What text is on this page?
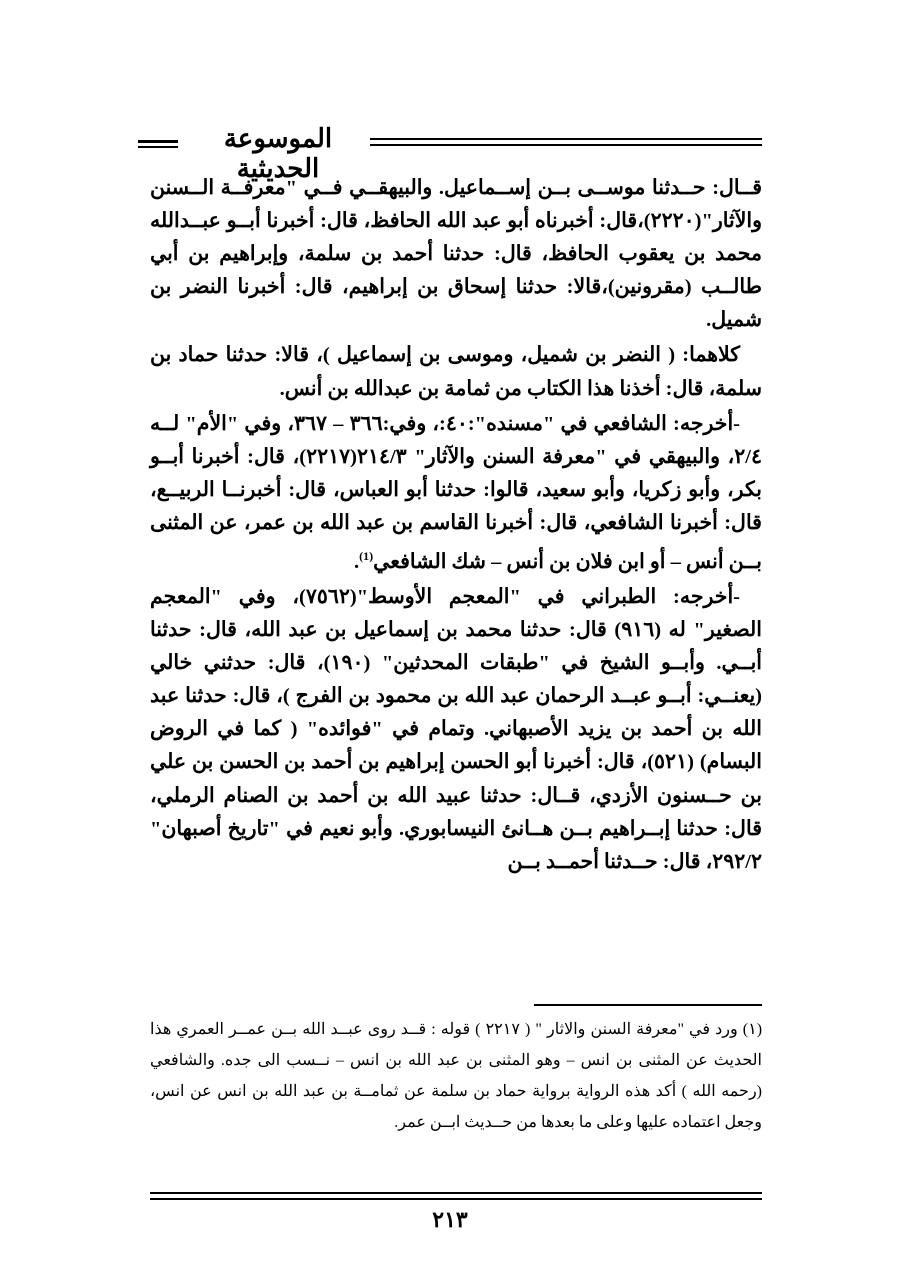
الموسوعة الحديثية

قــال: حــدثنا موســى بــن إســماعيل. والبيهقــي فــي "معرفــة الــسنن والآثار"(٢٢٢٠)،قال: أخبرناه أبو عبد الله الحافظ، قال: أخبرنا أبــو عبــدالله محمد بن يعقوب الحافظ، قال: حدثنا أحمد بن سلمة، وإبراهيم بن أبي طالــب (مقرونين)،قالا: حدثنا إسحاق بن إبراهيم، قال: أخبرنا النضر بن شميل.

كلاهما: ( النضر بن شميل، وموسى بن إسماعيل )، قالا: حدثنا حماد بن سلمة، قال: أخذنا هذا الكتاب من ثمامة بن عبدالله بن أنس.

-أخرجه: الشافعي في "مسنده":٤٠:، وفي:٣٦٦ – ٣٦٧، وفي "الأم" لــه ٢/٤، والبيهقي في "معرفة السنن والآثار" ٢١٤/٣(٢٢١٧)، قال: أخبرنا أبــو بكر، وأبو زكريا، وأبو سعيد، قالوا: حدثنا أبو العباس، قال: أخبرنــا الربيــع، قال: أخبرنا الشافعي، قال: أخبرنا القاسم بن عبد الله بن عمر، عن المثنى بــن أنس – أو ابن فلان بن أنس – شك الشافعي$^{(1)}$.

-أخرجه: الطبراني في "المعجم الأوسط"(٧٥٦٢)، وفي "المعجم الصغير" له (٩١٦) قال: حدثنا محمد بن إسماعيل بن عبد الله، قال: حدثنا أبــي. وأبــو الشيخ في "طبقات المحدثين" (١٩٠)، قال: حدثني خالي (يعنــي: أبــو عبــد الرحمان عبد الله بن محمود بن الفرج )، قال: حدثنا عبد الله بن أحمد بن يزيد الأصبهاني. وتمام في "فوائده" ( كما في الروض البسام) (٥٢١)، قال: أخبرنا أبو الحسن إبراهيم بن أحمد بن الحسن بن علي بن حــسنون الأزدي، قــال: حدثنا عبيد الله بن أحمد بن الصنام الرملي، قال: حدثنا إبــراهيم بــن هــانئ النيسابوري. وأبو نعيم في "تاريخ أصبهان" ٢٩٢/٢، قال: حــدثنا أحمــد بــن

(١) ورد في "معرفة السنن والاثار " ( ٢٢١٧ ) قوله : قــد روى عبــد الله بــن عمــر العمري هذا الحديث عن المثنى بن انس – وهو المثنى بن عبد الله بن انس – نــسب الى جده. والشافعي (رحمه الله ) أكد هذه الرواية برواية حماد بن سلمة عن ثمامــة بن عبد الله بن انس عن انس، وجعل اعتماده عليها وعلى ما بعدها من حــديث ابــن عمر.

٢١٣
